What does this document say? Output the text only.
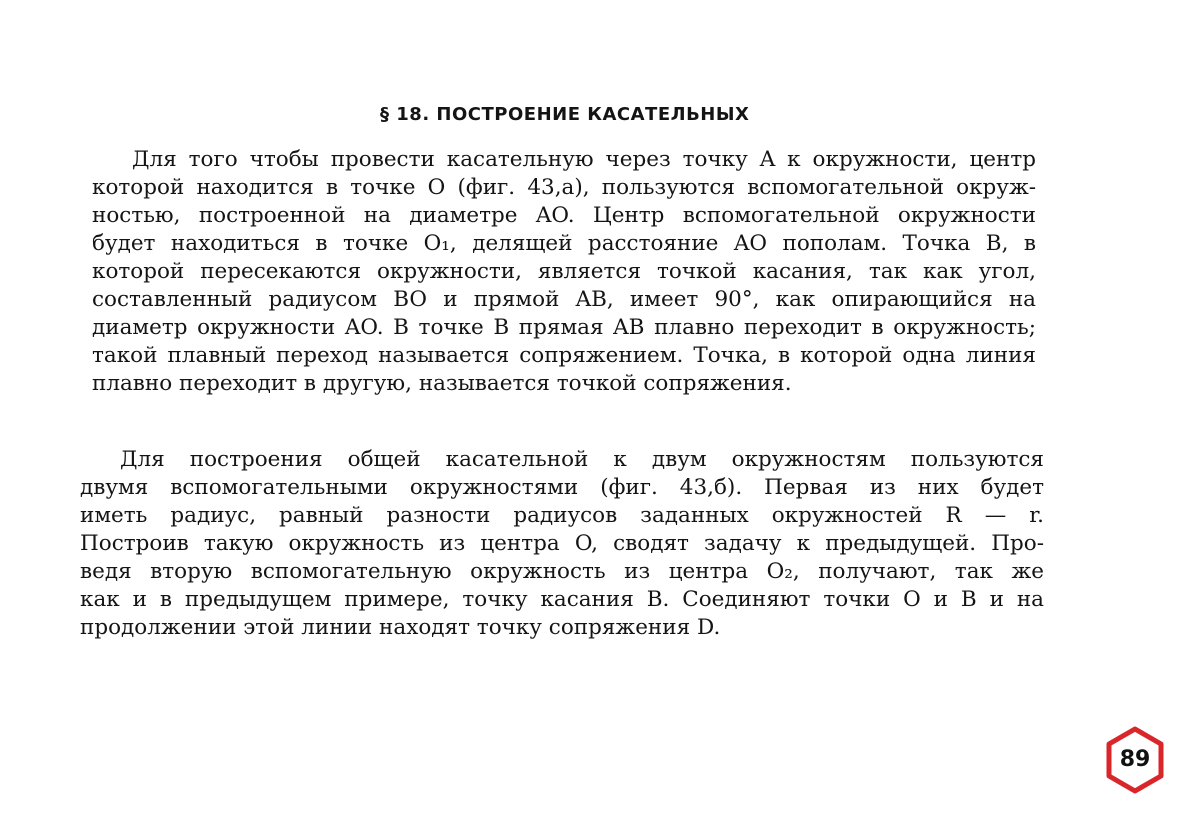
§ 18. ПОСТРОЕНИЕ КАСАТЕЛЬНЫХ

Для того чтобы провести касательную через точку A к окружности, центр
которой находится в точке O (фиг. 43,а), пользуются вспомогательной окруж-
ностью, построенной на диаметре AO. Центр вспомогательной окружности
будет находиться в точке O₁, делящей расстояние AO пополам. Точка B, в
которой пересекаются окружности, является точкой касания, так как угол,
составленный радиусом BO и прямой AB, имеет 90°, как опирающийся на
диаметр окружности AO. В точке B прямая AB плавно переходит в окружность;
такой плавный переход называется сопряжением. Точка, в которой одна линия
плавно переходит в другую, называется точкой сопряжения.

Для построения общей касательной к двум окружностям пользуются
двумя вспомогательными окружностями (фиг. 43,б). Первая из них будет
иметь радиус, равный разности радиусов заданных окружностей R — r.
Построив такую окружность из центра O, сводят задачу к предыдущей. Про-
ведя вторую вспомогательную окружность из центра O₂, получают, так же
как и в предыдущем примере, точку касания B. Соединяют точки O и B и на
продолжении этой линии находят точку сопряжения D.

89
